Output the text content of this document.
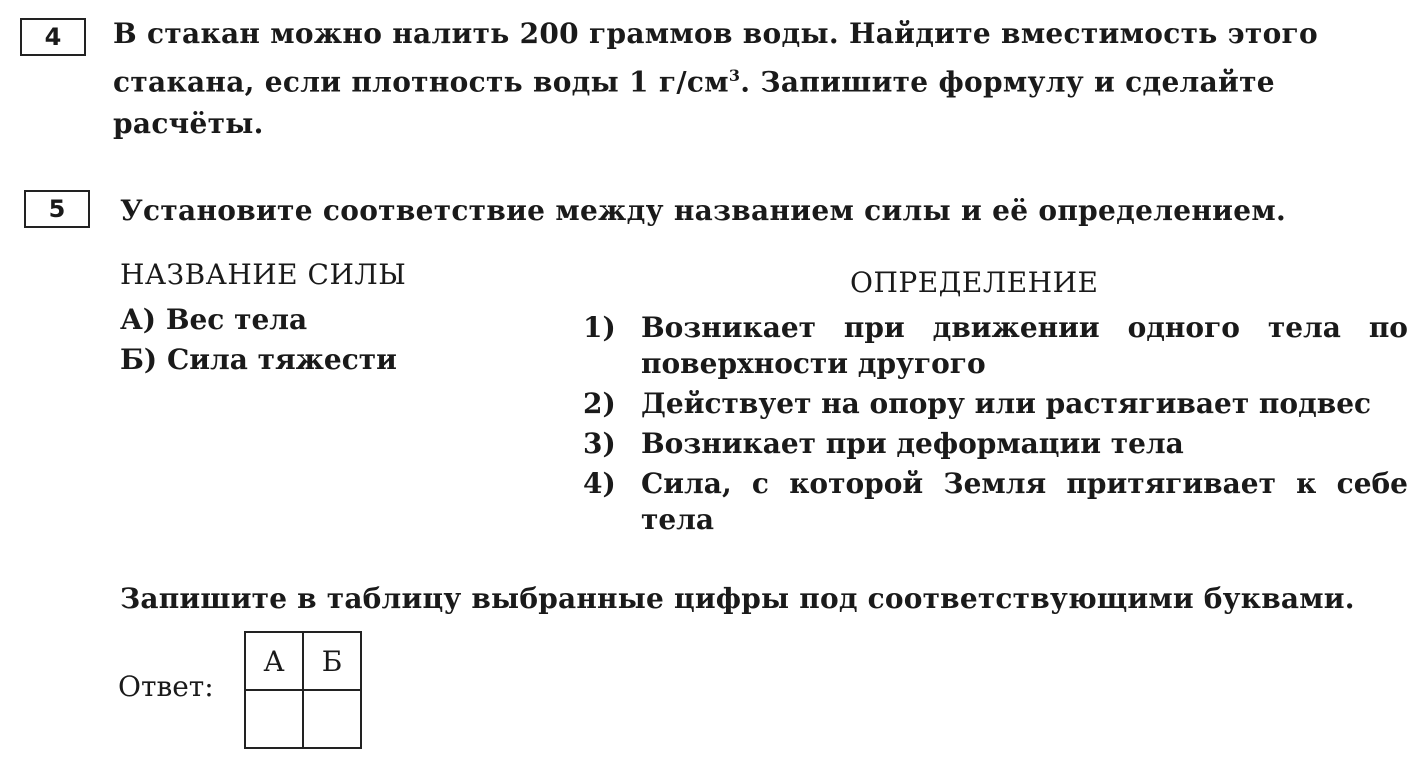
4	В стакан можно налить 200 граммов воды. Найдите вместимость этого
стакана, если плотность воды 1 $г/см^3$. Запишите формулу и сделайте
расчёты.
5	Установите соответствие между названием силы и её определением.
НАЗВАНИЕ СИЛЫ	ОПРЕДЕЛЕНИЕ
А) Вес тела
Б) Сила тяжести
1) Возникает при движении одного тела по поверхности другого
2) Действует на опору или растягивает подвес
3) Возникает при деформации тела
4) Сила, с которой Земля притягивает к себе тела
Запишите в таблицу выбранные цифры под соответствующими буквами.
Ответ:
А	Б
